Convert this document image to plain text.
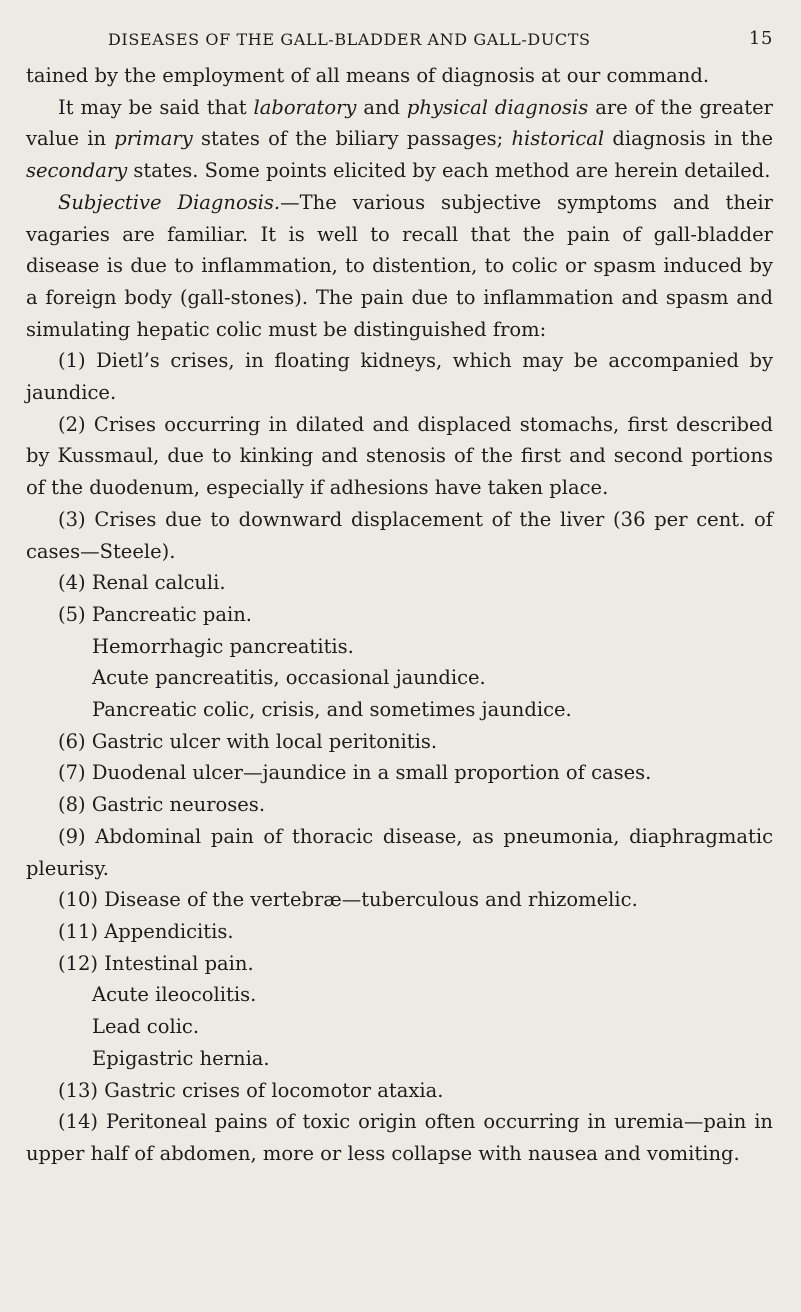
DISEASES OF THE GALL-BLADDER AND GALL-DUCTS	15

tained by the employment of all means of diagnosis at our command.

It may be said that laboratory and physical diagnosis are of the greater value in primary states of the biliary passages; historical diagnosis in the secondary states. Some points elicited by each method are herein detailed.

Subjective Diagnosis.—The various subjective symptoms and their vagaries are familiar. It is well to recall that the pain of gall-bladder disease is due to inflammation, to distention, to colic or spasm induced by a foreign body (gall-stones). The pain due to inflammation and spasm and simulating hepatic colic must be distinguished from:

(1) Dietl’s crises, in floating kidneys, which may be accompanied by jaundice.

(2) Crises occurring in dilated and displaced stomachs, first described by Kussmaul, due to kinking and stenosis of the first and second portions of the duodenum, especially if adhesions have taken place.

(3) Crises due to downward displacement of the liver (36 per cent. of cases—Steele).

(4) Renal calculi.

(5) Pancreatic pain.

Hemorrhagic pancreatitis.

Acute pancreatitis, occasional jaundice.

Pancreatic colic, crisis, and sometimes jaundice.

(6) Gastric ulcer with local peritonitis.

(7) Duodenal ulcer—jaundice in a small proportion of cases.

(8) Gastric neuroses.

(9) Abdominal pain of thoracic disease, as pneumonia, diaphragmatic pleurisy.

(10) Disease of the vertebræ—tuberculous and rhizomelic.

(11) Appendicitis.

(12) Intestinal pain.

Acute ileocolitis.

Lead colic.

Epigastric hernia.

(13) Gastric crises of locomotor ataxia.

(14) Peritoneal pains of toxic origin often occurring in uremia—pain in upper half of abdomen, more or less collapse with nausea and vomiting.
